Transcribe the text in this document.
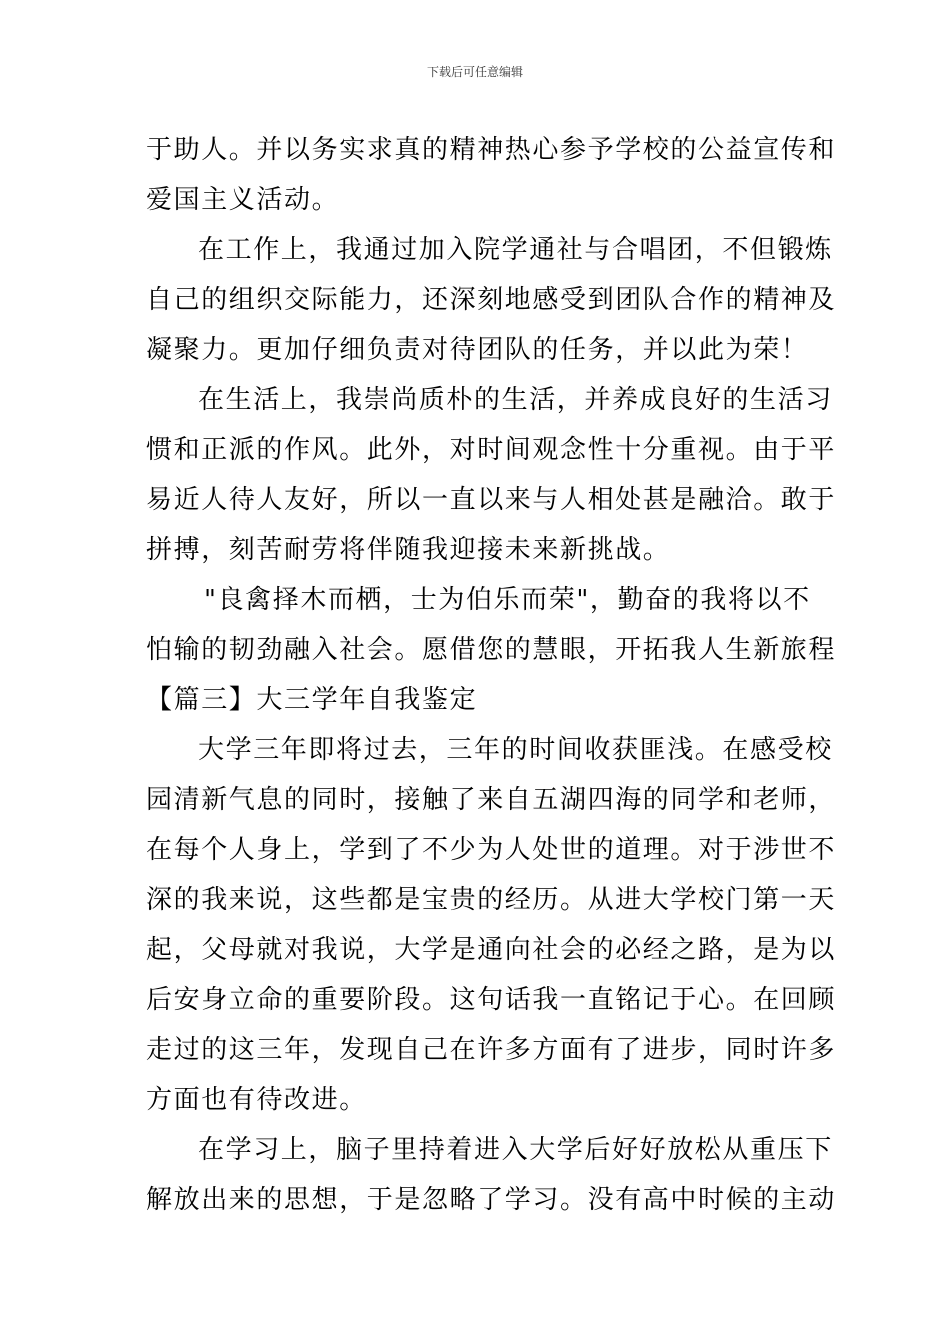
下载后可任意编辑
于助人。并以务实求真的精神热心参予学校的公益宣传和
爱国主义活动。
在工作上，我通过加入院学通社与合唱团，不但锻炼
自己的组织交际能力，还深刻地感受到团队合作的精神及
凝聚力。更加仔细负责对待团队的任务，并以此为荣！
在生活上，我崇尚质朴的生活，并养成良好的生活习
惯和正派的作风。此外，对时间观念性十分重视。由于平
易近人待人友好，所以一直以来与人相处甚是融洽。敢于
拼搏，刻苦耐劳将伴随我迎接未来新挑战。
"良禽择木而栖，士为伯乐而荣"，勤奋的我将以不
怕输的韧劲融入社会。愿借您的慧眼，开拓我人生新旅程
【篇三】大三学年自我鉴定
大学三年即将过去，三年的时间收获匪浅。在感受校
园清新气息的同时，接触了来自五湖四海的同学和老师，
在每个人身上，学到了不少为人处世的道理。对于涉世不
深的我来说，这些都是宝贵的经历。从进大学校门第一天
起，父母就对我说，大学是通向社会的必经之路，是为以
后安身立命的重要阶段。这句话我一直铭记于心。在回顾
走过的这三年，发现自己在许多方面有了进步，同时许多
方面也有待改进。
在学习上，脑子里持着进入大学后好好放松从重压下
解放出来的思想，于是忽略了学习。没有高中时候的主动
